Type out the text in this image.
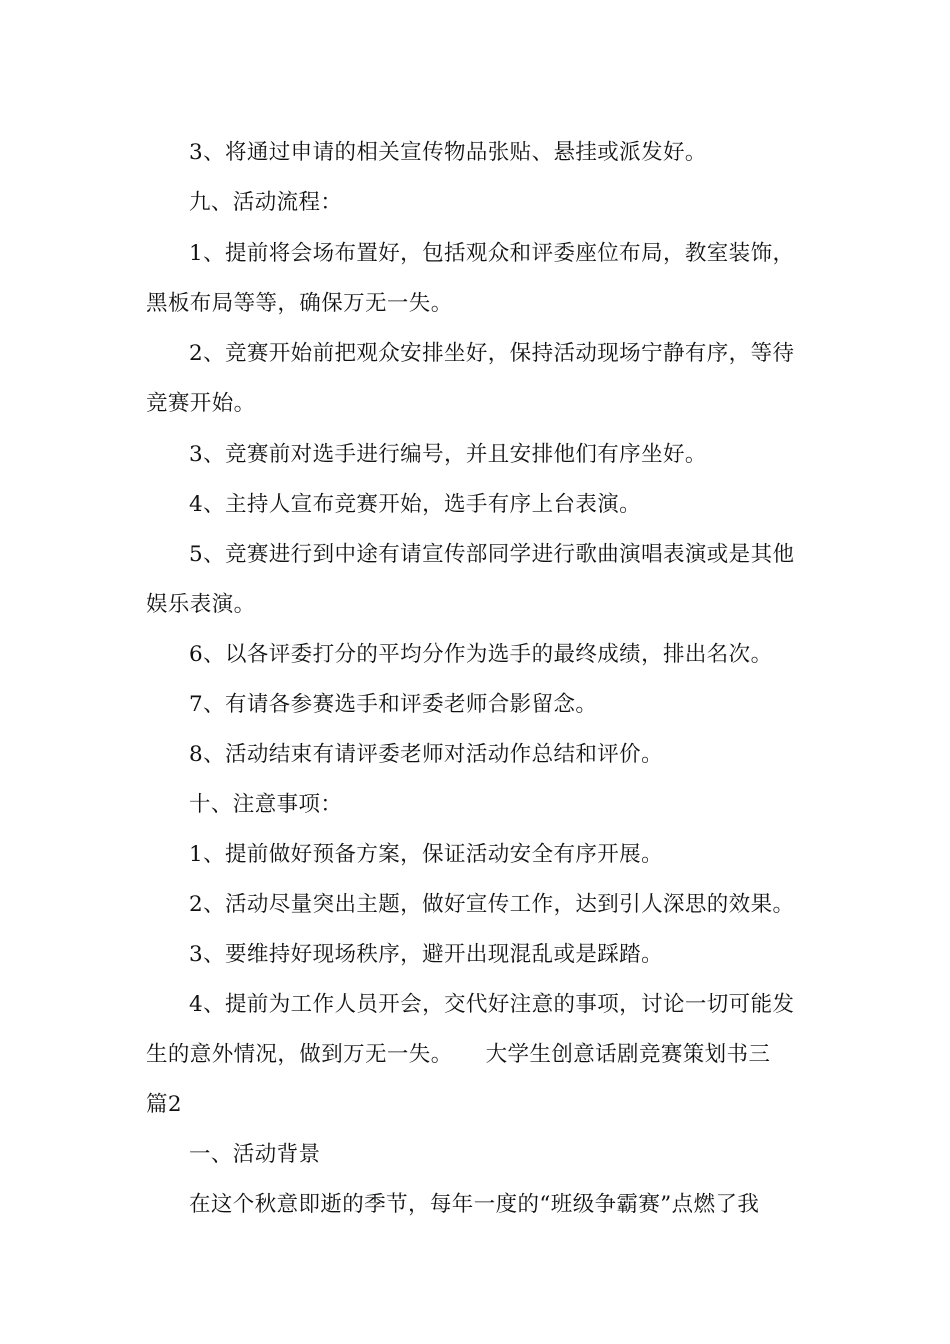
3、将通过申请的相关宣传物品张贴、悬挂或派发好。
九、活动流程：
1、提前将会场布置好，包括观众和评委座位布局，教室装饰，
黑板布局等等，确保万无一失。
2、竞赛开始前把观众安排坐好，保持活动现场宁静有序，等待
竞赛开始。
3、竞赛前对选手进行编号，并且安排他们有序坐好。
4、主持人宣布竞赛开始，选手有序上台表演。
5、竞赛进行到中途有请宣传部同学进行歌曲演唱表演或是其他
娱乐表演。
6、以各评委打分的平均分作为选手的最终成绩，排出名次。
7、有请各参赛选手和评委老师合影留念。
8、活动结束有请评委老师对活动作总结和评价。
十、注意事项：
1、提前做好预备方案，保证活动安全有序开展。
2、活动尽量突出主题，做好宣传工作，达到引人深思的效果。
3、要维持好现场秩序，避开出现混乱或是踩踏。
4、提前为工作人员开会，交代好注意的事项，讨论一切可能发
生的意外情况，做到万无一失。　　大学生创意话剧竞赛策划书三
篇2
一、活动背景
在这个秋意即逝的季节，每年一度的“班级争霸赛”点燃了我
